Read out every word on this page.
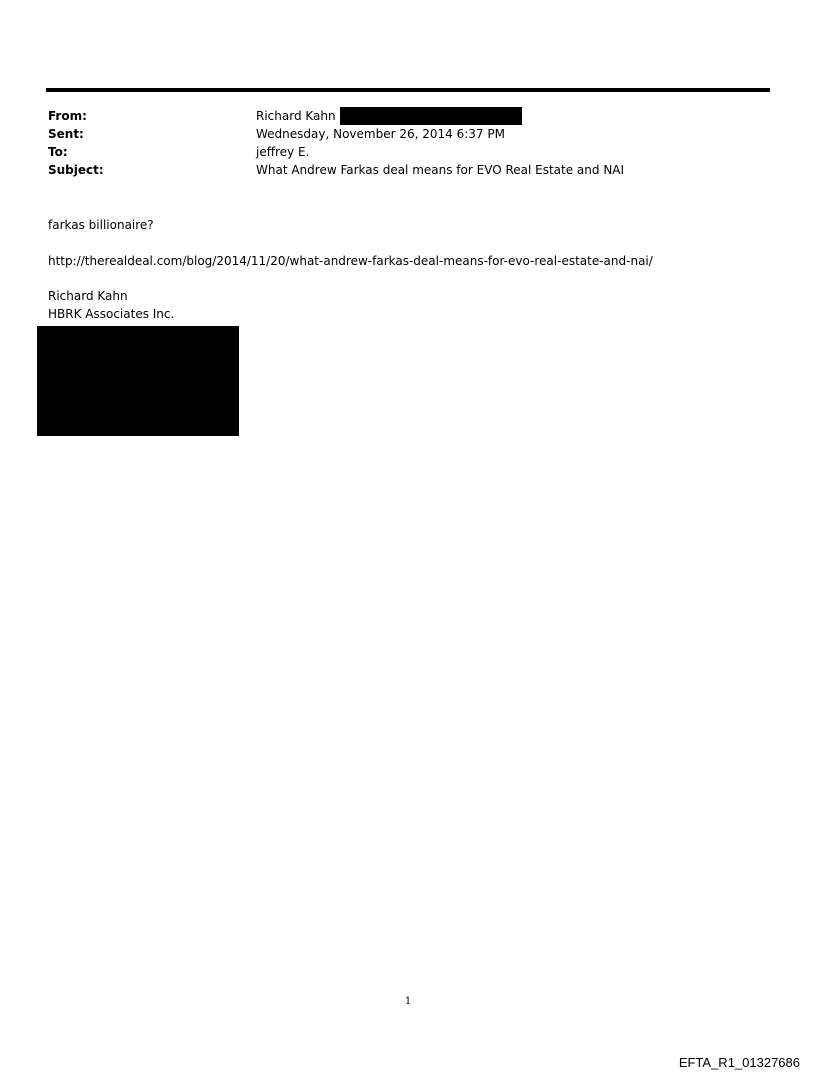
From:	Richard Kahn
Sent:	Wednesday, November 26, 2014 6:37 PM
To:	jeffrey E.
Subject:	What Andrew Farkas deal means for EVO Real Estate and NAI
farkas billionaire?
http://therealdeal.com/blog/2014/11/20/what-andrew-farkas-deal-means-for-evo-real-estate-and-nai/
Richard Kahn
HBRK Associates Inc.
1
EFTA_R1_01327686
